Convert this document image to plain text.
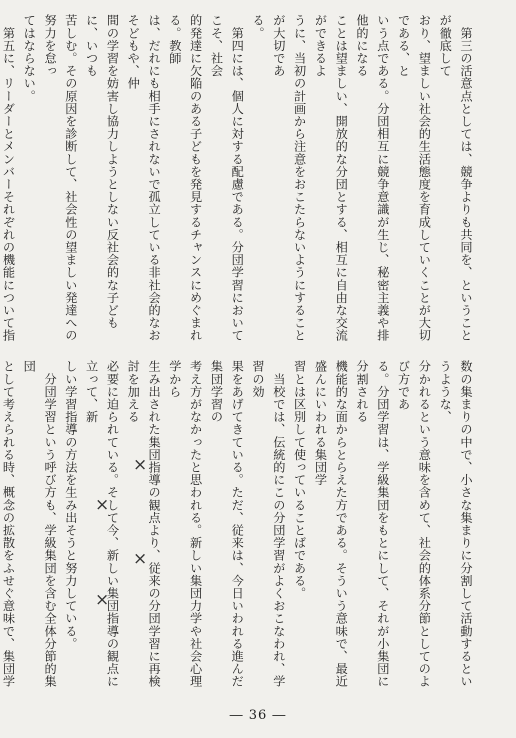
　第三の活意点としては、競争よりも共同を、ということが徹底して
おり、望ましい社会的生活態度を育成していくことが大切である、と
いう点である。分団相互に競争意識が生じ、秘密主義や排他的になる
ことは望ましい、開放的な分団とする、相互に自由な交流ができるよ
うに、当初の計画から注意をおこたらないようにすることが大切であ
る。
　第四には、個人に対する配慮である。分団学習においてこそ、社会
的発達に欠陥のある子どもを発見するチャンスにめぐまれる。教師
は、だれにも相手にされないで孤立している非社会的なおそどもや、仲
間の学習を妨害し協力しようとしない反社会的な子どもに、いつも
苦しむ。その原因を診断して、社会性の望ましい発達への努力を怠っ
てはならない。
　第五に、リーダーとメンバーそれぞれの機能について指
数の集まりの中で、小さな集まりに分割して活動するというような、
分かれるという意味を含めて、社会的体系分節としてのよび方であ
る。分団学習は、学級集団をもとにして、それが小集団に分割される
機能的な面からとらえた方である。そういう意味で、最近盛んにいわれる集団学
習とは区別して使っていることばである。
　当校では、伝統的にこの分団学習がよくおこなわれ、学習の効
果をあげてきている。ただ、従来は、今日いわれる進んだ集団学習の
考え方がなかったと思われる。新しい集団力学や社会心理学から
生み出された集団指導の観点より、従来の分団学習に再検討を加える
必要に迫られている。そして今、新しい集団指導の観点に立って、新
しい学習指導の方法を生み出そうと努力している。
　分団学習という呼び方も、学級集団を含む全体分節的集団
として考えられる時、概念の拡散をふせぐ意味で、集団学
×
×
×
×
― 36 ―
